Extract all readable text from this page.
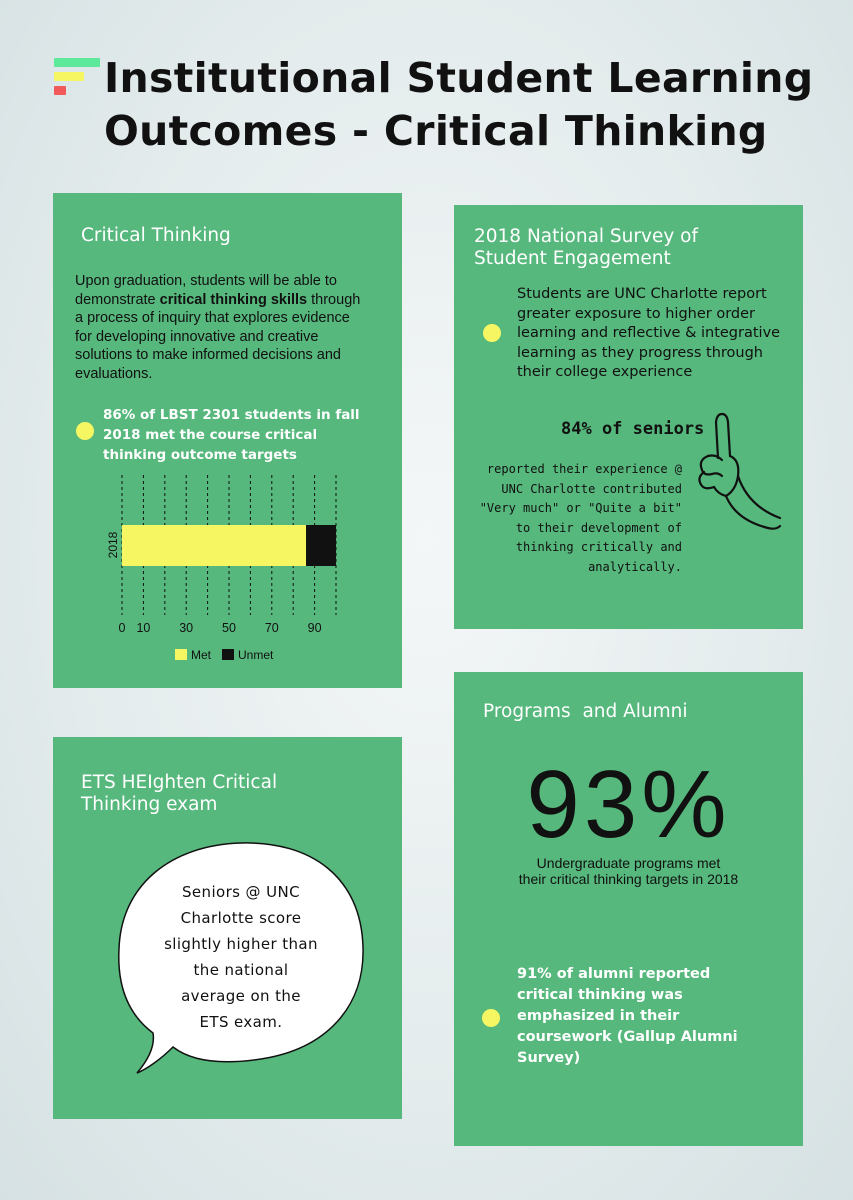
Institutional Student Learning
Outcomes - Critical Thinking
Critical Thinking
Upon graduation, students will be able to demonstrate critical thinking skills through a process of inquiry that explores evidence for developing innovative and creative solutions to make informed decisions and evaluations.
86% of LBST 2301 students in fall 2018 met the course critical thinking outcome targets
2018
0 10 30 50 70 90
Met Unmet
2018 National Survey of Student Engagement
Students are UNC Charlotte report greater exposure to higher order learning and reflective & integrative learning as they progress through their college experience
84% of seniors
reported their experience @
UNC Charlotte contributed
"Very much" or "Quite a bit"
to their development of
thinking critically and
analytically.
ETS HEIghten Critical Thinking exam
Seniors @ UNC
Charlotte score
slightly higher than
the national
average on the
ETS exam.
Programs  and Alumni
93%
Undergraduate programs met
their critical thinking targets in 2018
91% of alumni reported critical thinking was emphasized in their coursework (Gallup Alumni Survey)
